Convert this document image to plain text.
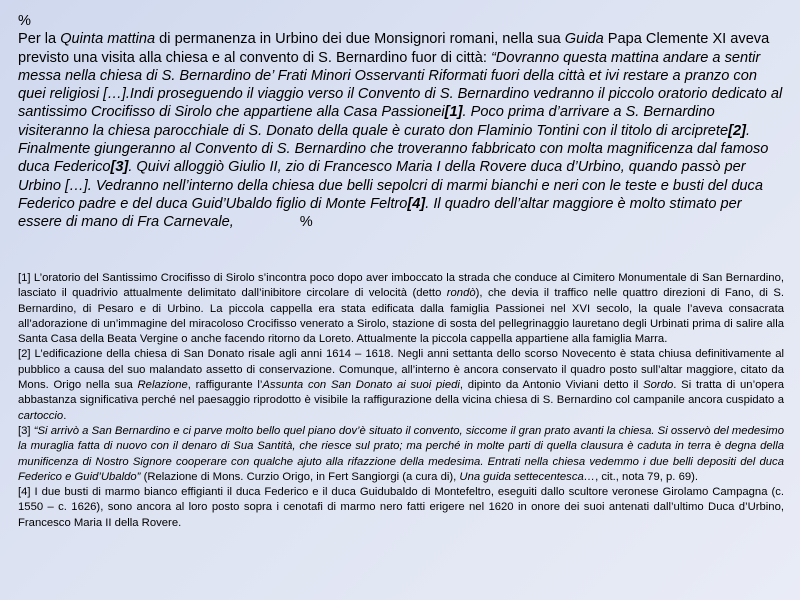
%

Per la Quinta mattina di permanenza in Urbino dei due Monsignori romani, nella sua Guida Papa Clemente XI aveva previsto una visita alla chiesa e al convento di S. Bernardino fuor di città: “Dovranno questa mattina andare a sentir messa nella chiesa di S. Bernardino de’ Frati Minori Osservanti Riformati fuori della città et ivi restare a pranzo con quei religiosi […].Indi proseguendo il viaggio verso il Convento di S. Bernardino vedranno il piccolo oratorio dedicato al santissimo Crocifisso di Sirolo che appartiene alla Casa Passionei[1]. Poco prima d’arrivare a S. Bernardino visiteranno la chiesa parocchiale di S. Donato della quale è curato don Flaminio Tontini con il titolo di arciprete[2]. Finalmente giungeranno al Convento di S. Bernardino che troveranno fabbricato con molta magnificenza dal famoso duca Federico[3]. Quivi alloggiò Giulio II, zio di Francesco Maria I della Rovere duca d’Urbino, quando passò per Urbino […]. Vedranno nell’interno della chiesa due belli sepolcri di marmi bianchi e neri con le teste e busti del duca Federico padre e del duca Guid’Ubaldo figlio di Monte Feltro[4]. Il quadro dell’altar maggiore è molto stimato per essere di mano di Fra Carnevale,	%

[1] L’oratorio del Santissimo Crocifisso di Sirolo s’incontra poco dopo aver imboccato la strada che conduce al Cimitero Monumentale di San Bernardino, lasciato il quadrivio attualmente delimitato dall’inibitore circolare di velocità (detto rondò), che devia il traffico nelle quattro direzioni di Fano, di S. Bernardino, di Pesaro e di Urbino. La piccola cappella era stata edificata dalla famiglia Passionei nel XVI secolo, la quale l’aveva consacrata all’adorazione di un’immagine del miracoloso Crocifisso venerato a Sirolo, stazione di sosta del pellegrinaggio lauretano degli Urbinati prima di salire alla Santa Casa della Beata Vergine o anche facendo ritorno da Loreto. Attualmente la piccola cappella appartiene alla famiglia Marra.

[2] L’edificazione della chiesa di San Donato risale agli anni 1614 – 1618. Negli anni settanta dello scorso Novecento è stata chiusa definitivamente al pubblico a causa del suo malandato assetto di conservazione. Comunque, all’interno è ancora conservato il quadro posto sull’altar maggiore, citato da Mons. Origo nella sua Relazione, raffigurante l’Assunta con San Donato ai suoi piedi, dipinto da Antonio Viviani detto il Sordo. Si tratta di un’opera abbastanza significativa perché nel paesaggio riprodotto è visibile la raffigurazione della vicina chiesa di S. Bernardino col campanile ancora cuspidato a cartoccio.

[3] “Si arrivò a San Bernardino e ci parve molto bello quel piano dov’è situato il convento, siccome il gran prato avanti la chiesa. Si osservò del medesimo la muraglia fatta di nuovo con il denaro di Sua Santità, che riesce sul prato; ma perché in molte parti di quella clausura è caduta in terra è degna della munificenza di Nostro Signore cooperare con qualche ajuto alla rifazzione della medesima. Entrati nella chiesa vedemmo i due belli depositi del duca Federico e Guid’Ubaldo” (Relazione di Mons. Curzio Origo, in Fert Sangiorgi (a cura di), Una guida settecentesca…, cit., nota 79, p. 69).

[4] I due busti di marmo bianco effigianti il duca Federico e il duca Guidubaldo di Montefeltro, eseguiti dallo scultore veronese Girolamo Campagna (c. 1550 – c. 1626), sono ancora al loro posto sopra i cenotafi di marmo nero fatti erigere nel 1620 in onore dei suoi antenati dall’ultimo Duca d’Urbino, Francesco Maria II della Rovere.
